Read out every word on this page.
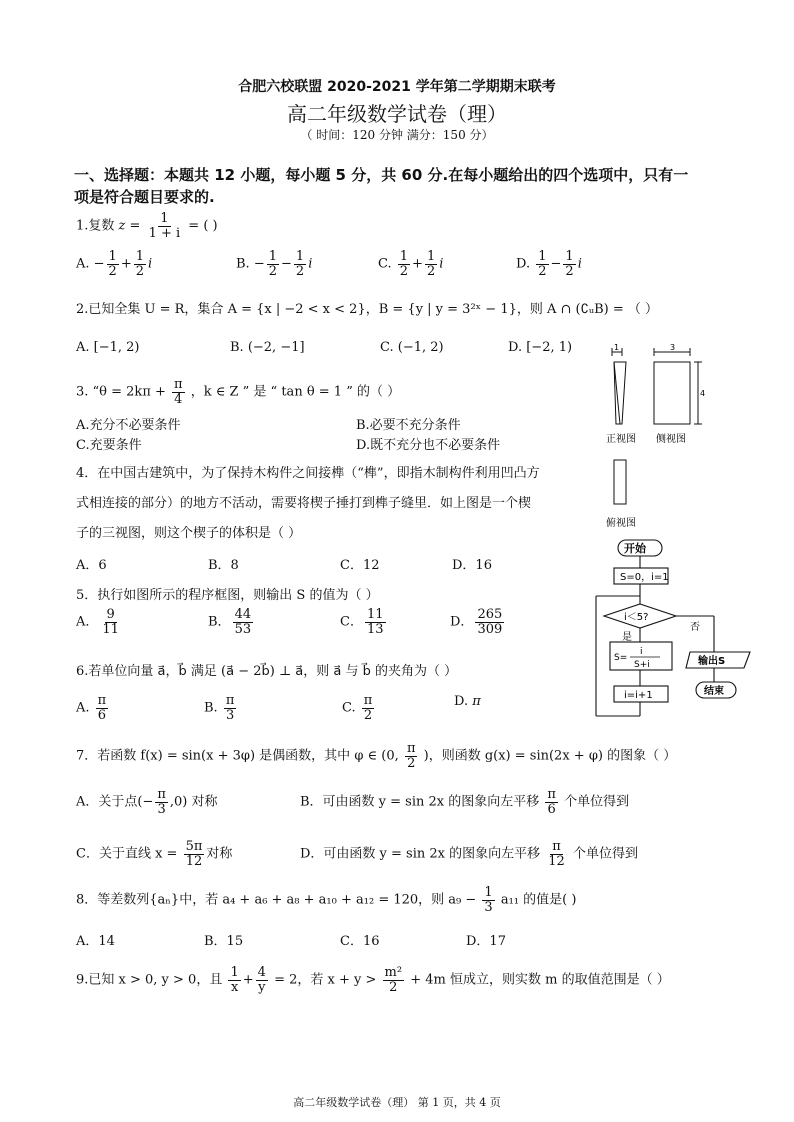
合肥六校联盟 2020-2021 学年第二学期期末联考
高二年级数学试卷（理）
（ 时间：120 分钟 满分：150 分）
一、选择题：本题共 12 小题，每小题 5 分，共 60 分.在每小题给出的四个选项中，只有一
项是符合题目要求的.
1.复数 $z = \frac{1}{1 + i}$ = ( )
A. − $\frac{1}{2} + \frac{1}{2}$ i	B. − $\frac{1}{2} - \frac{1}{2}$ i	C. $\frac{1}{2} + \frac{1}{2}$ i	D. $\frac{1}{2} - \frac{1}{2}$ i
2.已知全集 U = R，集合 A = {x | −2 < x < 2}，B = {y | y = 3²ˣ − 1}，则 A ∩ (∁ᵤB) = （ ）
A. [−1, 2)	B. (−2, −1]	C. (−1, 2)	D. [−2, 1)
3. “$\theta = 2k\pi + \frac{\pi}{4}$ ，k ∈ Z ” 是 “ tan θ = 1 ” 的（ ）
A.充分不必要条件	B.必要不充分条件
C.充要条件	D.既不充分也不必要条件
4．在中国古建筑中，为了保持木构件之间接榫（“榫”，即指木制构件利用凹凸方
式相连接的部分）的地方不活动，需要将楔子捶打到榫子缝里．如上图是一个楔
子的三视图，则这个楔子的体积是（ ）
A．6	B．8	C．12	D．16
5．执行如图所示的程序框图，则输出 S 的值为（ ）
A． $\frac{9}{11}$	B． $\frac{44}{53}$	C． $\frac{11}{13}$	D． $\frac{265}{309}$
6.若单位向量 a⃗，b⃗ 满足 (a⃗ − 2b⃗) ⊥ a⃗，则 a⃗ 与 b⃗ 的夹角为（ ）
A. $\frac{\pi}{6}$	B. $\frac{\pi}{3}$	C. $\frac{\pi}{2}$	D. π
7．若函数 f(x) = sin(x + 3φ) 是偶函数，其中 φ ∈ (0, $\frac{\pi}{2}$ )，则函数 g(x) = sin(2x + φ) 的图象（ ）
A．关于点(− $\frac{\pi}{3} ,0$) 对称	B．可由函数 y = sin 2x 的图象向左平移 $\frac{\pi}{6}$ 个单位得到
C．关于直线 $x = \frac{5\pi}{12}$ 对称	D．可由函数 y = sin 2x 的图象向左平移 $\frac{\pi}{12}$ 个单位得到
8．等差数列{aₙ}中，若 a₄ + a₆ + a₈ + a₁₀ + a₁₂ = 120，则 $a_9 - \frac{1}{3} a_{11}$ 的值是( )
A．14	B．15	C．16	D．17
9.已知 x > 0, y > 0，且 $\frac{1}{x} + \frac{4}{y} = 2$，若 $x + y > \frac{\text{m²}}{2} + 4m$ 恒成立，则实数 m 的取值范围是（ ）
1	3
4
正视图 侧视图
俯视图
开始
S=0，i=1
i＜5?
否
是
S=
i
S+i
i=i+1
输出S
结束
高二年级数学试卷（理） 第 1 页，共 4 页
